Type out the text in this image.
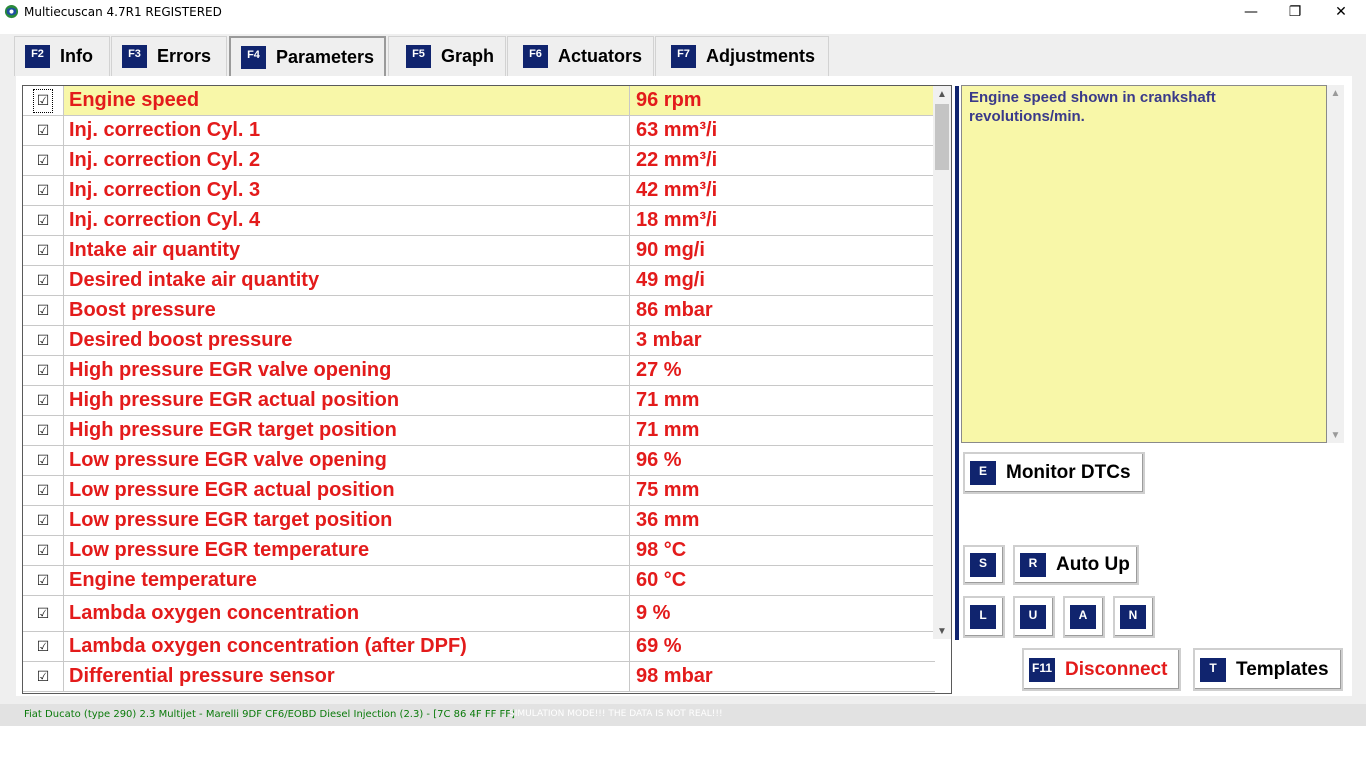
Multiecuscan 4.7R1 REGISTERED	—	❐	✕
F2 Info	F3 Errors	F4 Parameters	F5 Graph	F6 Actuators	F7 Adjustments
☑ Engine speed	96 rpm
☑ Inj. correction Cyl. 1	63 mm³/i
☑ Inj. correction Cyl. 2	22 mm³/i
☑ Inj. correction Cyl. 3	42 mm³/i
☑ Inj. correction Cyl. 4	18 mm³/i
☑ Intake air quantity	90 mg/i
☑ Desired intake air quantity	49 mg/i
☑ Boost pressure	86 mbar
☑ Desired boost pressure	3 mbar
☑ High pressure EGR valve opening	27 %
☑ High pressure EGR actual position	71 mm
☑ High pressure EGR target position	71 mm
☑ Low pressure EGR valve opening	96 %
☑ Low pressure EGR actual position	75 mm
☑ Low pressure EGR target position	36 mm
☑ Low pressure EGR temperature	98 °C
☑ Engine temperature	60 °C
☑ Lambda oxygen concentration	9 %
☑ Lambda oxygen concentration (after DPF)	69 %
☑ Differential pressure sensor	98 mbar
▲
▼
Engine speed shown in crankshaft revolutions/min.
▲
▼
E	Monitor DTCs
S	R Auto Up
L	U	A	N
F11 Disconnect	T	Templates
Fiat Ducato (type 290) 2.3 Multijet - Marelli 9DF CF6/EOBD Diesel Injection (2.3) - [7C 86 4F FF FF]
SIMULATION MODE!!! THE DATA IS NOT REAL!!!
